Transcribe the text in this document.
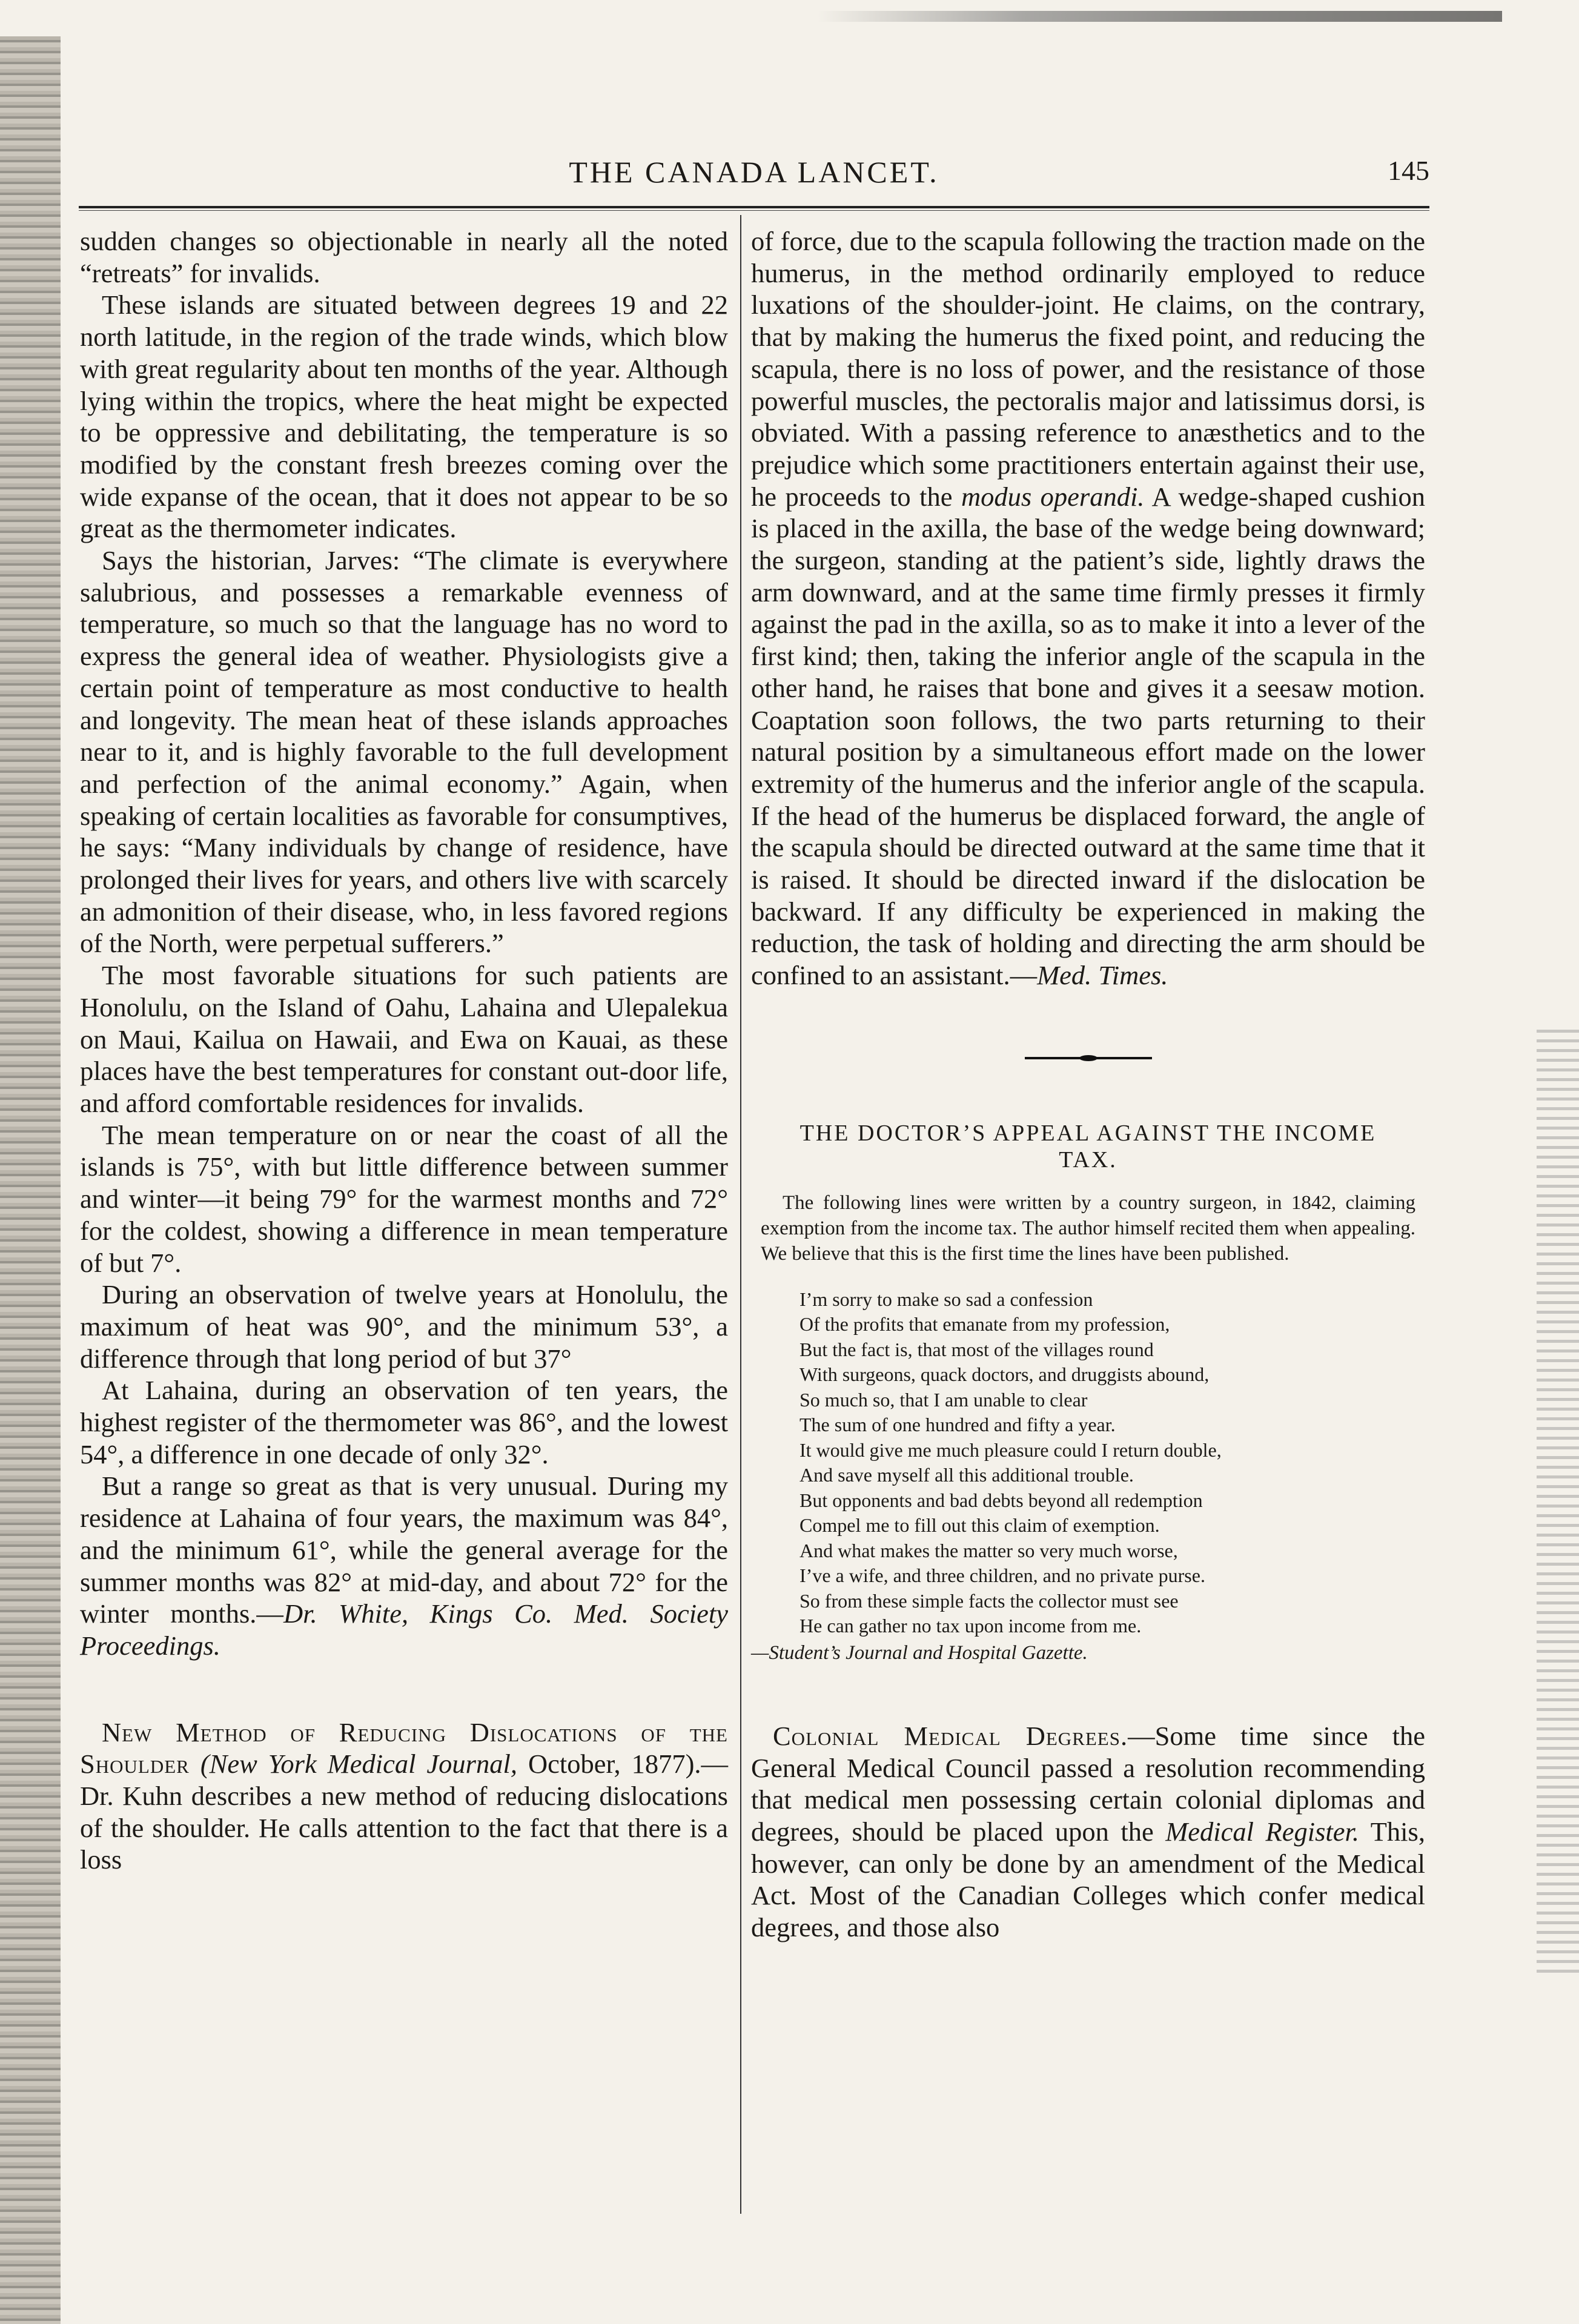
THE CANADA LANCET.	145

sudden changes so objectionable in nearly all the noted “retreats” for invalids.

These islands are situated between degrees 19 and 22 north latitude, in the region of the trade winds, which blow with great regularity about ten months of the year. Although lying within the tropics, where the heat might be expected to be oppressive and debilitating, the temperature is so modified by the constant fresh breezes coming over the wide expanse of the ocean, that it does not appear to be so great as the thermometer indicates.

Says the historian, Jarves: “The climate is everywhere salubrious, and possesses a remarkable evenness of temperature, so much so that the language has no word to express the general idea of weather. Physiologists give a certain point of temperature as most conductive to health and longevity. The mean heat of these islands approaches near to it, and is highly favorable to the full development and perfection of the animal economy.” Again, when speaking of certain localities as favorable for consumptives, he says: “Many individuals by change of residence, have prolonged their lives for years, and others live with scarcely an admonition of their disease, who, in less favored regions of the North, were perpetual sufferers.”

The most favorable situations for such patients are Honolulu, on the Island of Oahu, Lahaina and Ulepalekua on Maui, Kailua on Hawaii, and Ewa on Kauai, as these places have the best temperatures for constant out-door life, and afford comfortable residences for invalids.

The mean temperature on or near the coast of all the islands is 75°, with but little difference between summer and winter—it being 79° for the warmest months and 72° for the coldest, showing a difference in mean temperature of but 7°.

During an observation of twelve years at Honolulu, the maximum of heat was 90°, and the minimum 53°, a difference through that long period of but 37°

At Lahaina, during an observation of ten years, the highest register of the thermometer was 86°, and the lowest 54°, a difference in one decade of only 32°.

But a range so great as that is very unusual. During my residence at Lahaina of four years, the maximum was 84°, and the minimum 61°, while the general average for the summer months was 82° at mid-day, and about 72° for the winter months.—Dr. White, Kings Co. Med. Society Proceedings.

New Method of Reducing Dislocations of the Shoulder (New York Medical Journal, October, 1877).—Dr. Kuhn describes a new method of reducing dislocations of the shoulder. He calls attention to the fact that there is a loss

of force, due to the scapula following the traction made on the humerus, in the method ordinarily employed to reduce luxations of the shoulder-joint. He claims, on the contrary, that by making the humerus the fixed point, and reducing the scapula, there is no loss of power, and the resistance of those powerful muscles, the pectoralis major and latissimus dorsi, is obviated. With a passing reference to anæsthetics and to the prejudice which some practitioners entertain against their use, he proceeds to the modus operandi. A wedge-shaped cushion is placed in the axilla, the base of the wedge being downward; the surgeon, standing at the patient’s side, lightly draws the arm downward, and at the same time firmly presses it firmly against the pad in the axilla, so as to make it into a lever of the first kind; then, taking the inferior angle of the scapula in the other hand, he raises that bone and gives it a seesaw motion. Coaptation soon follows, the two parts returning to their natural position by a simultaneous effort made on the lower extremity of the humerus and the inferior angle of the scapula. If the head of the humerus be displaced forward, the angle of the scapula should be directed outward at the same time that it is raised. It should be directed inward if the dislocation be backward. If any difficulty be experienced in making the reduction, the task of holding and directing the arm should be confined to an assistant.—Med. Times.

THE DOCTOR’S APPEAL AGAINST THE INCOME TAX.
The following lines were written by a country surgeon, in 1842, claiming exemption from the income tax. The author himself recited them when appealing. We believe that this is the first time the lines have been published.
I’m sorry to make so sad a confession
Of the profits that emanate from my profession,
But the fact is, that most of the villages round
With surgeons, quack doctors, and druggists abound,
So much so, that I am unable to clear
The sum of one hundred and fifty a year.
It would give me much pleasure could I return double,
And save myself all this additional trouble.
But opponents and bad debts beyond all redemption
Compel me to fill out this claim of exemption.
And what makes the matter so very much worse,
I’ve a wife, and three children, and no private purse.
So from these simple facts the collector must see
He can gather no tax upon income from me.
—Student’s Journal and Hospital Gazette.

Colonial Medical Degrees.—Some time since the General Medical Council passed a resolution recommending that medical men possessing certain colonial diplomas and degrees, should be placed upon the Medical Register. This, however, can only be done by an amendment of the Medical Act. Most of the Canadian Colleges which confer medical degrees, and those also
